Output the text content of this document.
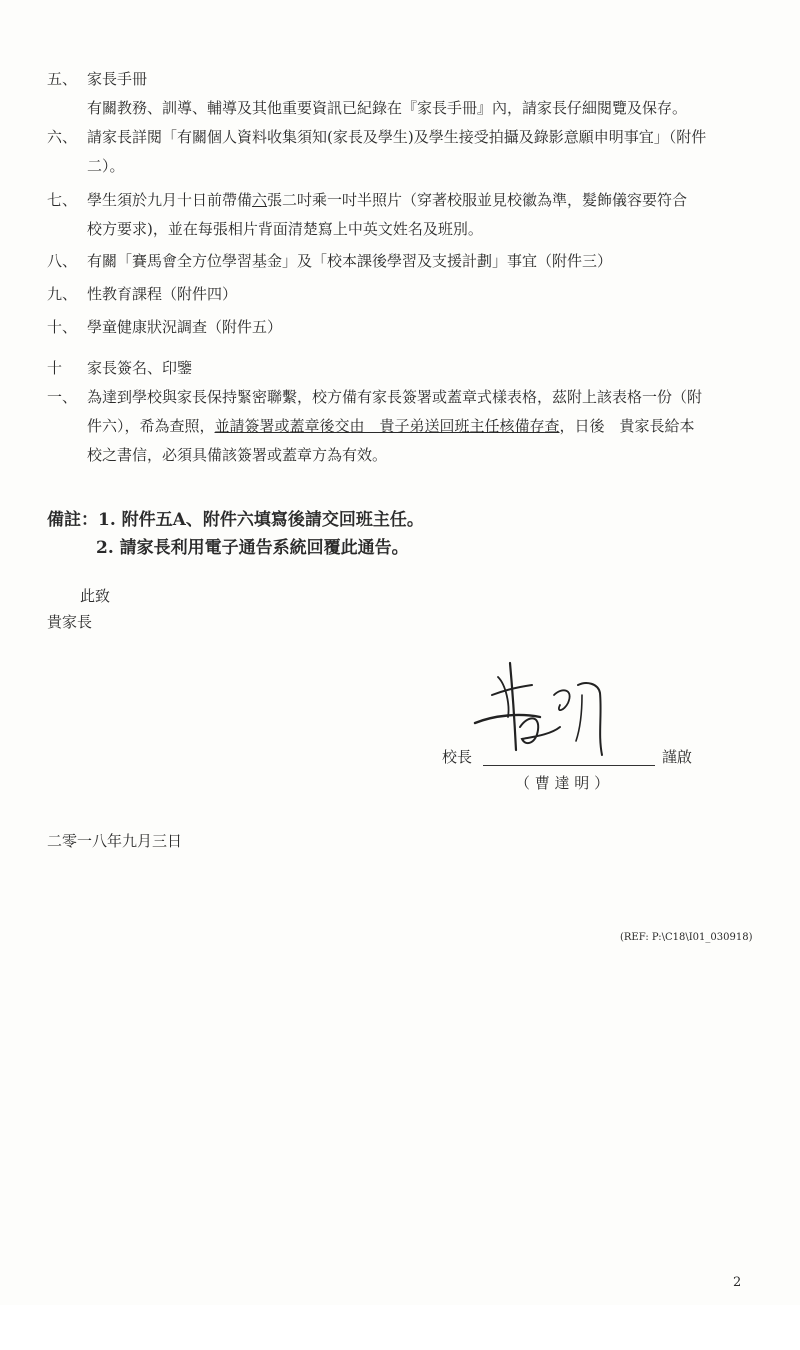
五、 家長手冊
有關教務、訓導、輔導及其他重要資訊已紀錄在『家長手冊』內，請家長仔細閱覽及保存。
六、 請家長詳閱「有關個人資料收集須知(家長及學生)及學生接受拍攝及錄影意願申明事宜」（附件
二）。
七、 學生須於九月十日前帶備六張二吋乘一吋半照片（穿著校服並見校徽為準，髮飾儀容要符合
校方要求)，並在每張相片背面清楚寫上中英文姓名及班別。
八、 有關「賽馬會全方位學習基金」及「校本課後學習及支援計劃」事宜（附件三）
九、 性教育課程（附件四）
十、 學童健康狀況調查（附件五）
十一、
家長簽名、印鑒
為達到學校與家長保持緊密聯繫，校方備有家長簽署或蓋章式樣表格，茲附上該表格一份（附
件六），希為查照，並請簽署或蓋章後交由　貴子弟送回班主任核備存查，日後　貴家長給本
校之書信，必須具備該簽署或蓋章方為有效。
備註：1. 附件五A、附件六填寫後請交回班主任。
2. 請家長利用電子通告系統回覆此通告。
此致
貴家長
校長	謹啟
（ 曹 達 明 ）
二零一八年九月三日
(REF: P:\C18\I01_030918)
2
